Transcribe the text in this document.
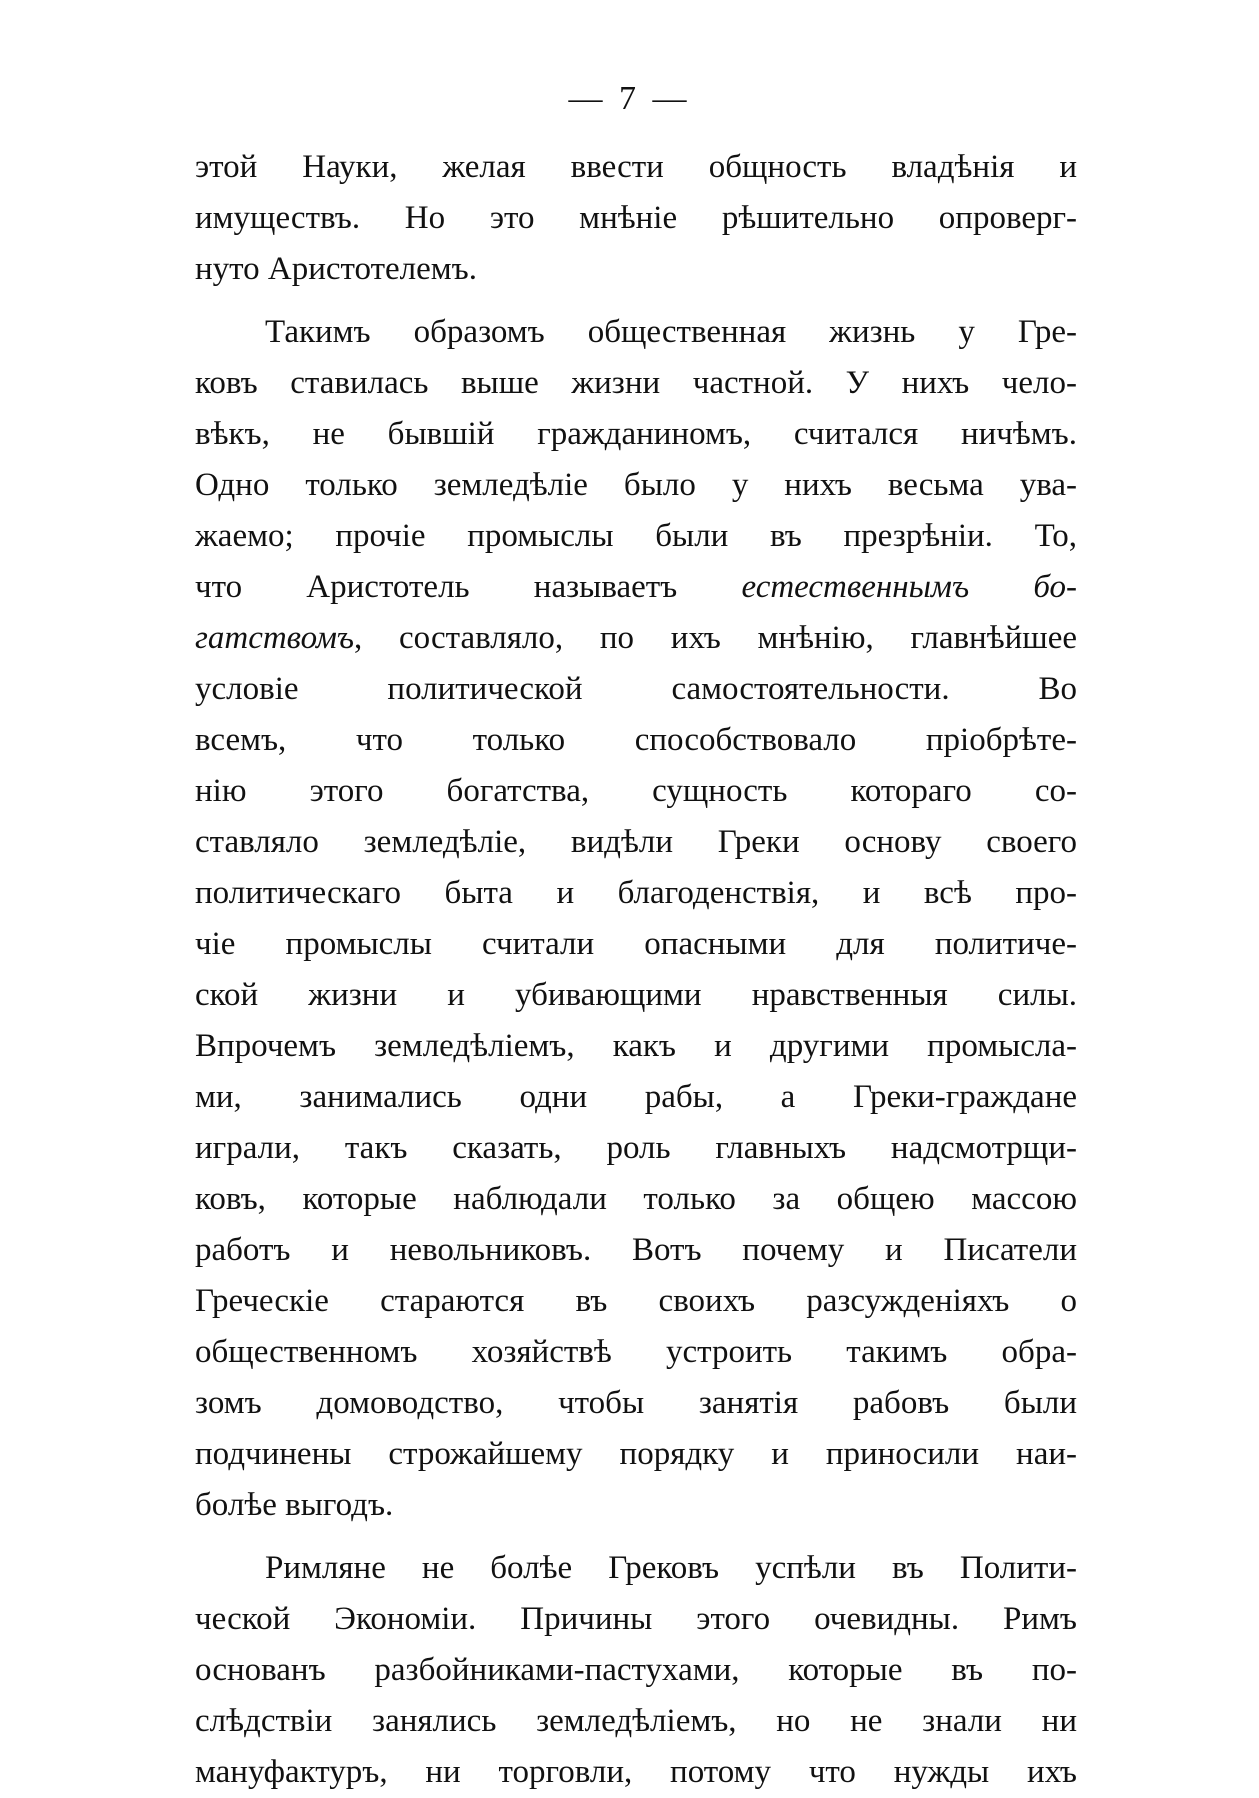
— 7 —
этой Науки, желая ввести общность владѣнія и
имуществъ. Но это мнѣніе рѣшительно опроверг-
нуто Аристотелемъ.
Такимъ образомъ общественная жизнь у Гре-
ковъ ставилась выше жизни частной. У нихъ чело-
вѣкъ, не бывшій гражданиномъ, считался ничѣмъ.
Одно только земледѣліе было у нихъ весьма ува-
жаемо; прочіе промыслы были въ презрѣніи. То,
что Аристотель называетъ естественнымъ бо-
гатствомъ, составляло, по ихъ мнѣнію, главнѣйшее
условіе политической самостоятельности. Во
всемъ, что только способствовало пріобрѣте-
нію этого богатства, сущность котораго со-
ставляло земледѣліе, видѣли Греки основу своего
политическаго быта и благоденствія, и всѣ про-
чіе промыслы считали опасными для политиче-
ской жизни и убивающими нравственныя силы.
Впрочемъ земледѣліемъ, какъ и другими промысла-
ми, занимались одни рабы, а Греки-граждане
играли, такъ сказать, роль главныхъ надсмотрщи-
ковъ, которые наблюдали только за общею массою
работъ и невольниковъ. Вотъ почему и Писатели
Греческіе стараются въ своихъ разсужденіяхъ о
общественномъ хозяйствѣ устроить такимъ обра-
зомъ домоводство, чтобы занятія рабовъ были
подчинены строжайшему порядку и приносили наи-
болѣе выгодъ.
Римляне не болѣе Грековъ успѣли въ Полити-
ческой Экономіи. Причины этого очевидны. Римъ
основанъ разбойниками-пастухами, которые въ по-
слѣдствіи занялись земледѣліемъ, но не знали ни
мануфактуръ, ни торговли, потому что нужды ихъ
